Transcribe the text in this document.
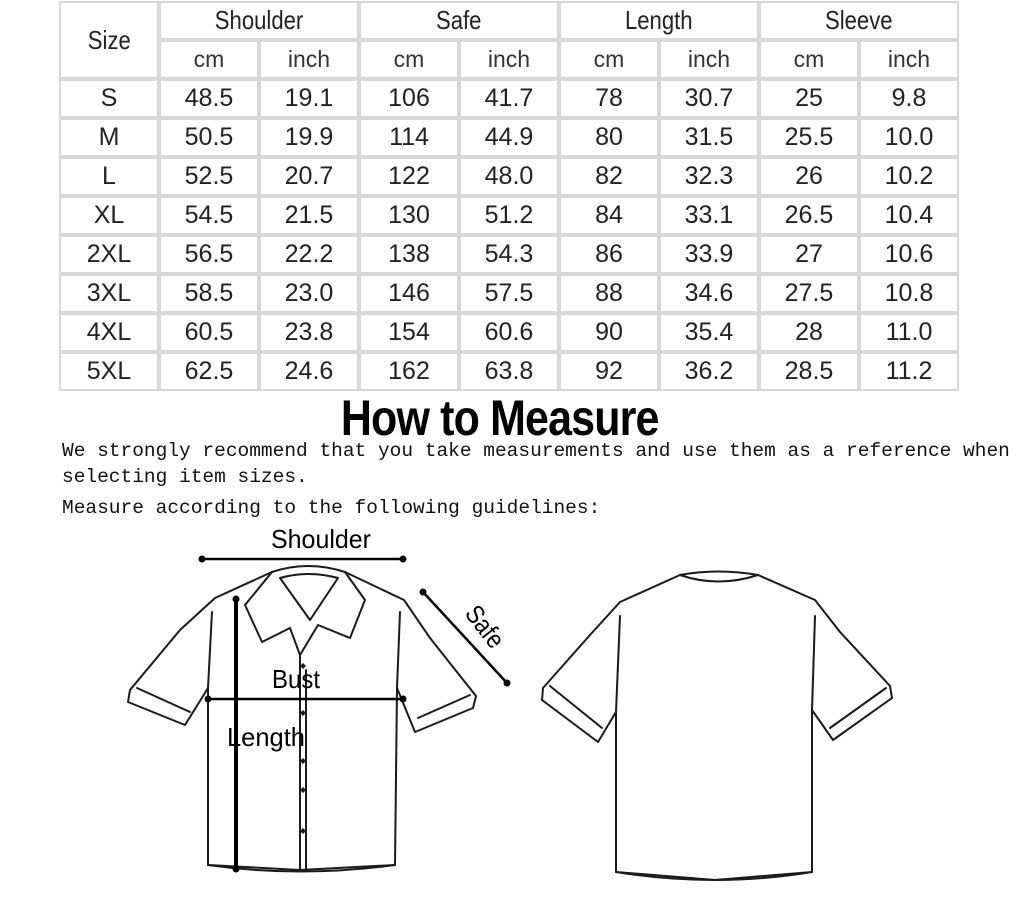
Size	Shoulder		Safe		Length		Sleeve	
	cm	inch	cm	inch	cm	inch	cm	inch
S	48.5	19.1	106	41.7	78	30.7	25	9.8
M	50.5	19.9	114	44.9	80	31.5	25.5	10.0
L	52.5	20.7	122	48.0	82	32.3	26	10.2
XL	54.5	21.5	130	51.2	84	33.1	26.5	10.4
2XL	56.5	22.2	138	54.3	86	33.9	27	10.6
3XL	58.5	23.0	146	57.5	88	34.6	27.5	10.8
4XL	60.5	23.8	154	60.6	90	35.4	28	11.0
5XL	62.5	24.6	162	63.8	92	36.2	28.5	11.2
How to Measure

We strongly recommend that you take measurements and use them as a reference when

selecting item sizes.

Measure according to the following guidelines:

Shoulder
Bust
Length
Safe
